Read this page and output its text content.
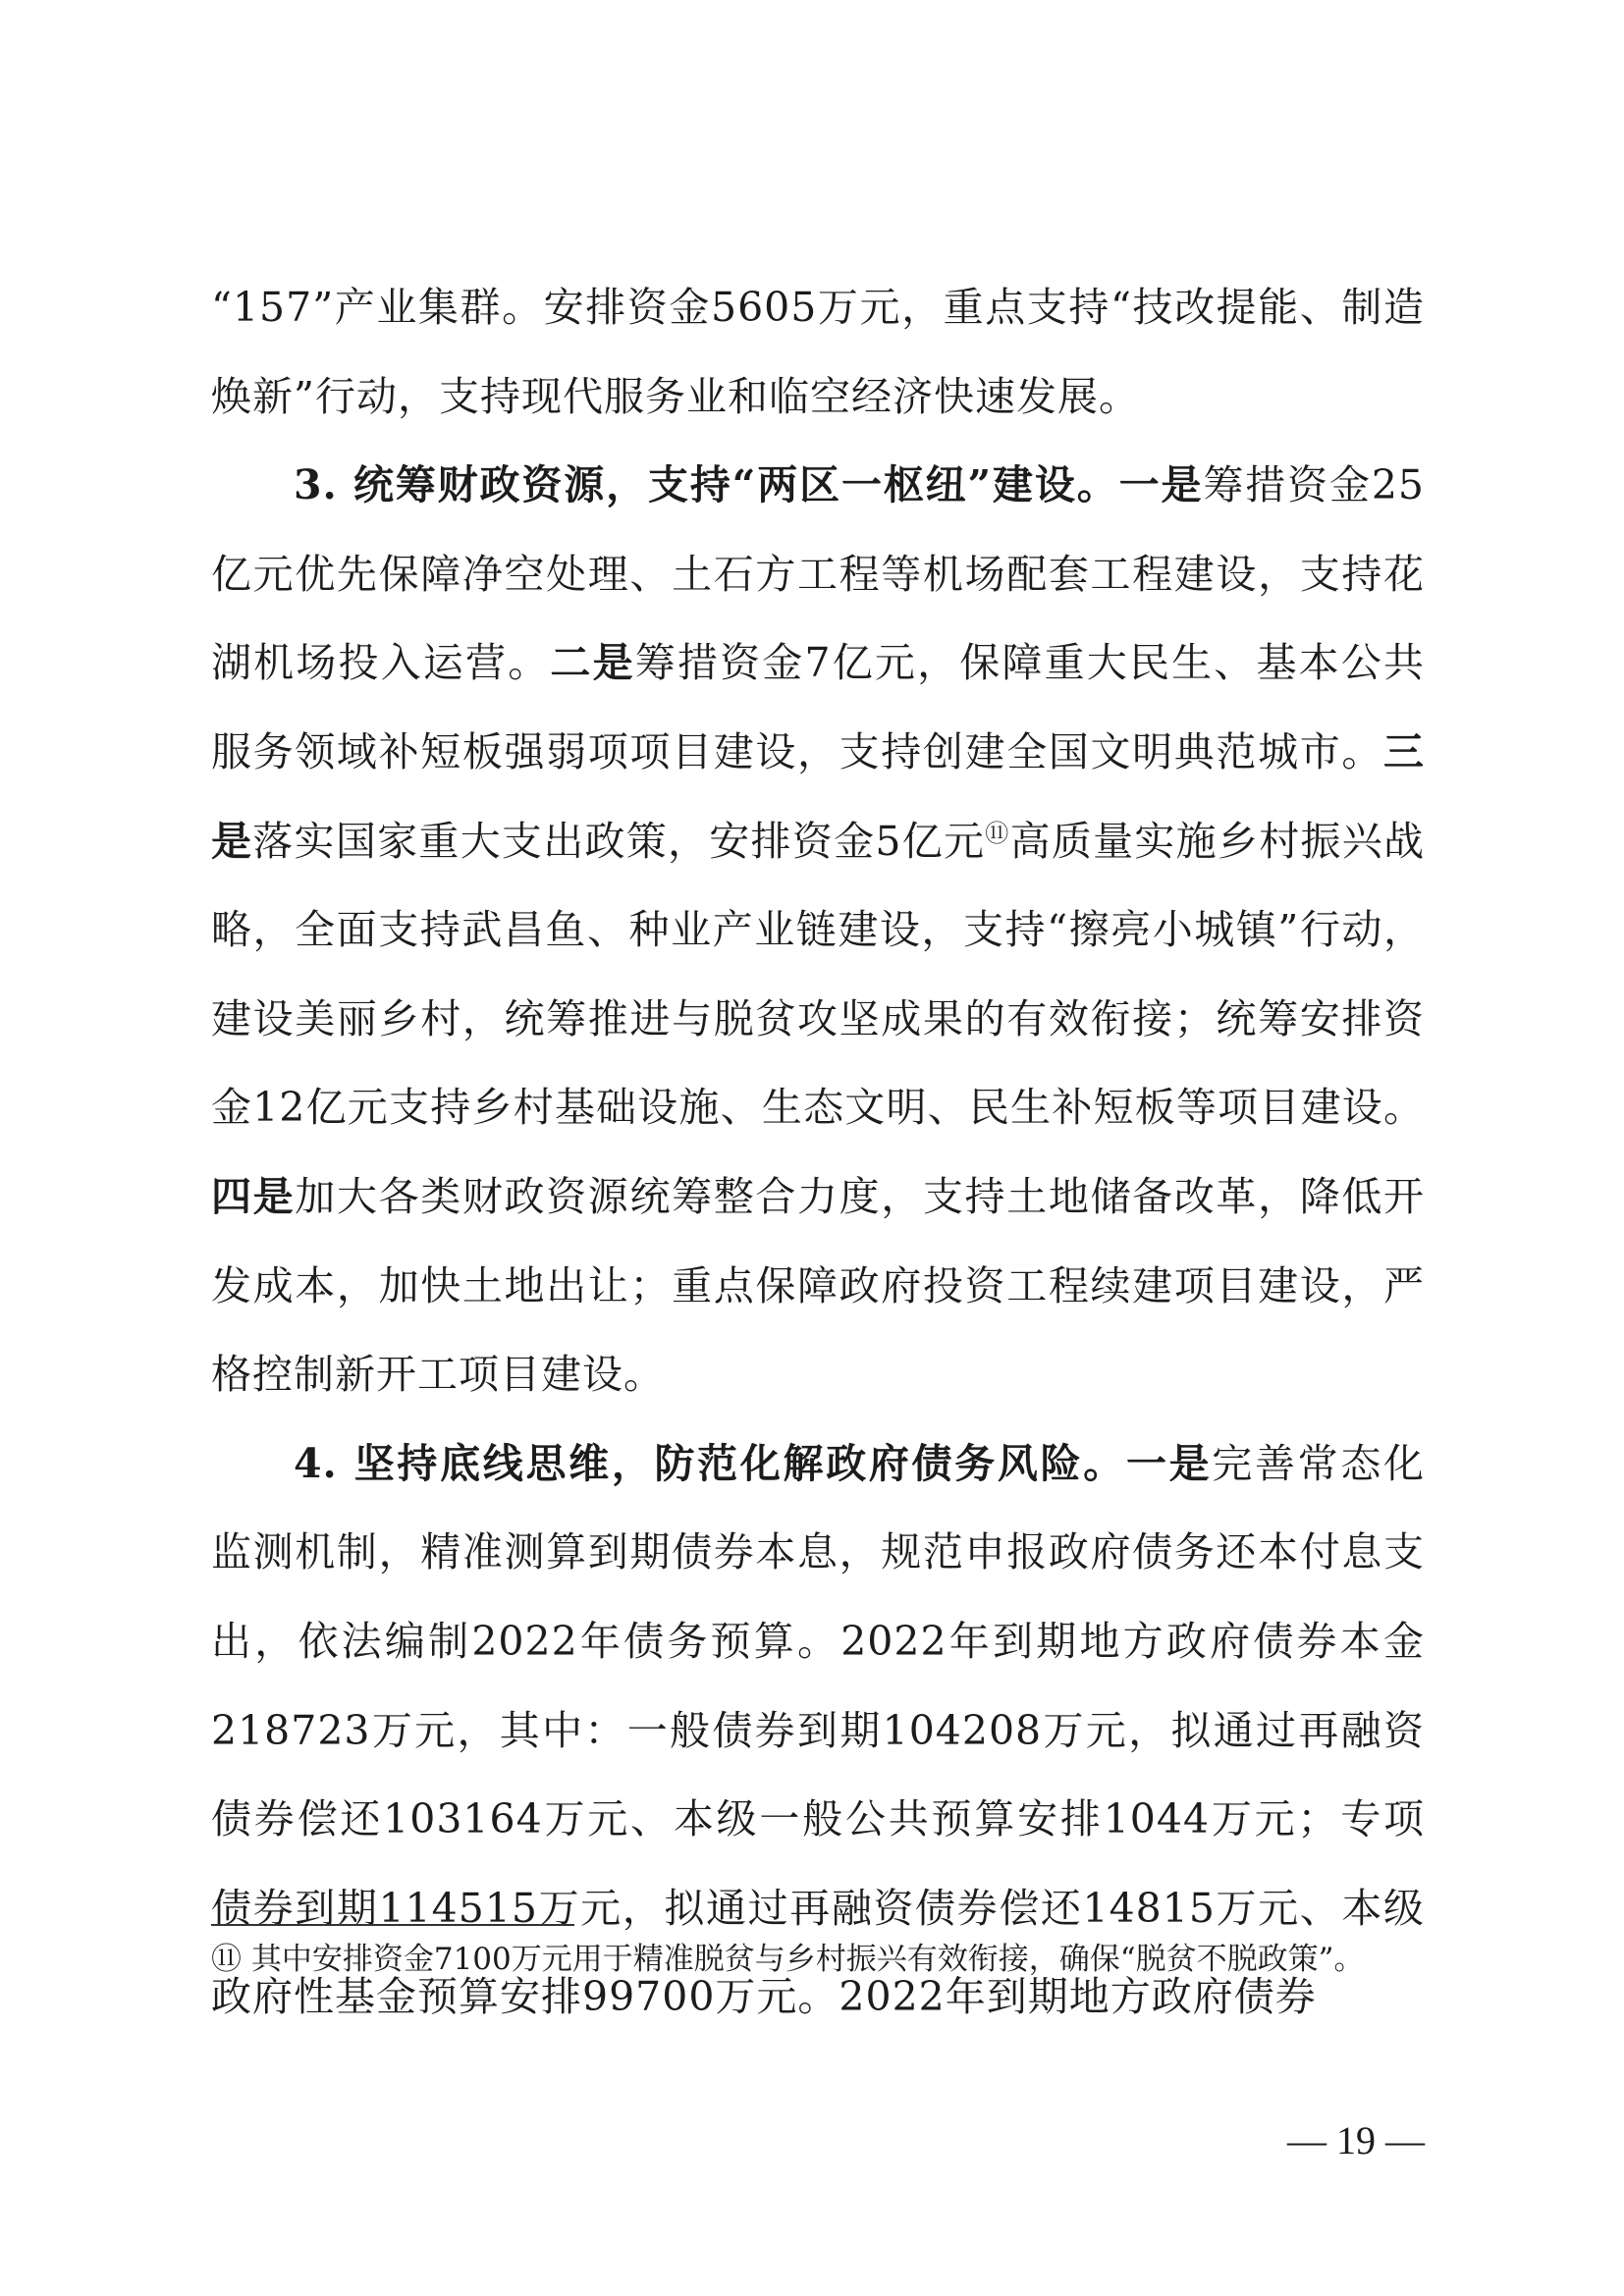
“157”产业集群。安排资金5605万元，重点支持“技改提能、制造焕新”行动，支持现代服务业和临空经济快速发展。

3. 统筹财政资源，支持“两区一枢纽”建设。一是筹措资金25亿元优先保障净空处理、土石方工程等机场配套工程建设，支持花湖机场投入运营。二是筹措资金7亿元，保障重大民生、基本公共服务领域补短板强弱项项目建设，支持创建全国文明典范城市。三是落实国家重大支出政策，安排资金5亿元⑪高质量实施乡村振兴战略，全面支持武昌鱼、种业产业链建设，支持“擦亮小城镇”行动，建设美丽乡村，统筹推进与脱贫攻坚成果的有效衔接；统筹安排资金12亿元支持乡村基础设施、生态文明、民生补短板等项目建设。四是加大各类财政资源统筹整合力度，支持土地储备改革，降低开发成本，加快土地出让；重点保障政府投资工程续建项目建设，严格控制新开工项目建设。

4. 坚持底线思维，防范化解政府债务风险。一是完善常态化监测机制，精准测算到期债券本息，规范申报政府债务还本付息支出，依法编制2022年债务预算。2022年到期地方政府债券本金218723万元，其中：一般债券到期104208万元，拟通过再融资债券偿还103164万元、本级一般公共预算安排1044万元；专项债券到期114515万元，拟通过再融资债券偿还14815万元、本级政府性基金预算安排99700万元。2022年到期地方政府债券

⑪ 其中安排资金7100万元用于精准脱贫与乡村振兴有效衔接，确保“脱贫不脱政策”。
— 19 —
